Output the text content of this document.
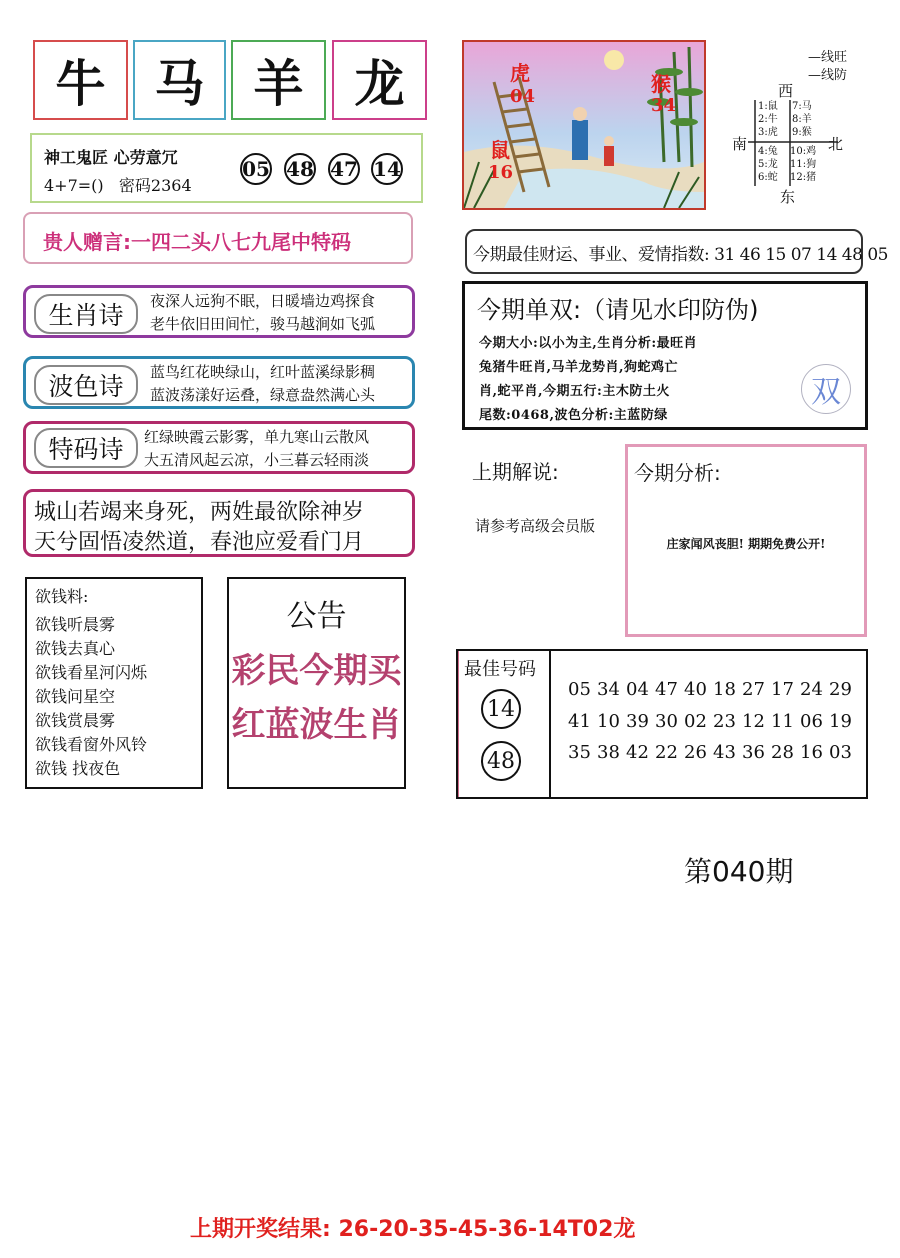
牛 马 羊	龙
神工鬼匠 心劳意冗
4+7=()   密码2364
05 48 47 14
贵人赠言:一四二头八七九尾中特码
生肖诗	夜深人远狗不眠，日暖墙边鸡探食
老牛依旧田间忙，骏马越涧如飞弧
波色诗	蓝鸟红花映绿山，红叶蓝溪绿影稠
蓝波荡漾好运叠，绿意盎然满心头
特码诗	红绿映霞云影雾，单九寒山云散风
大五清风起云凉，小三暮云轻雨淡
城山若竭来身死，两姓最欲除神岁
天兮固悟凌然道，春池应爱看门月
欲钱料:
欲钱听晨雾
欲钱去真心
欲钱看星河闪烁
欲钱问星空
欲钱赏晨雾
欲钱看窗外风铃
欲钱 找夜色
公告
彩民今期买
红蓝波生肖
虎
04
猴
34
鼠
16
—线旺
—线防
西
南	北
东
1:鼠
2:牛
3:虎
4:兔
5:龙
6:蛇
7:马
8:羊
9:猴
10:鸡
11:狗
12:猪
今期最佳财运、事业、爱情指数: 31 46 15 07 14 48 05
今期单双:（请见水印防伪)
今期大小:以小为主,生肖分析:最旺肖
兔猪牛旺肖,马羊龙势肖,狗蛇鸡亡
肖,蛇平肖,今期五行:主木防土火
尾数:0468,波色分析:主蓝防绿
双
上期解说:
请参考高级会员版
今期分析:
庄家闻风丧胆! 期期免费公开!
最佳号码
14
48
05 34 04 47 40 18 27 17 24 29
41 10 39 30 02 23 12 11 06 19
35 38 42 22 26 43 36 28 16 03
第040期
上期开奖结果: 26-20-35-45-36-14T02龙
